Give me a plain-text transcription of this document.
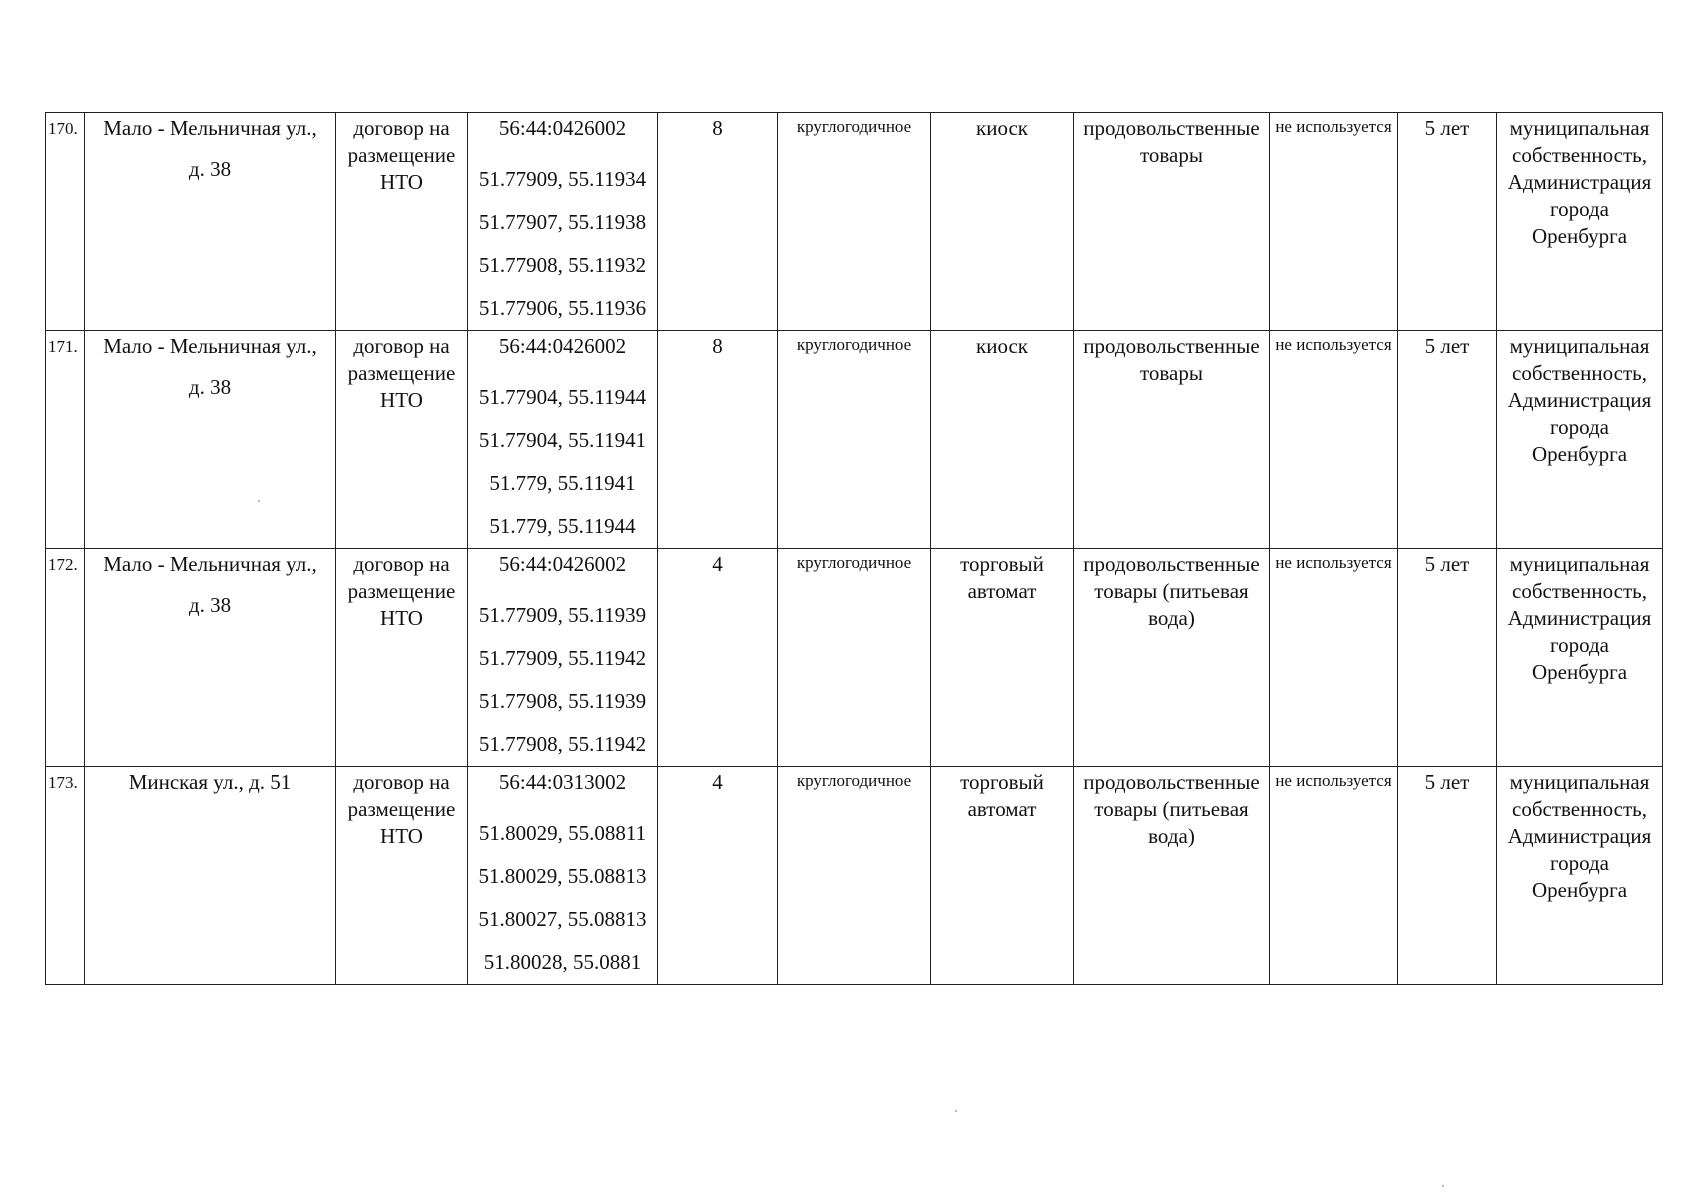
170.	Мало - Мельничная ул.,
д. 38	договор на размещение НТО	56:44:0426002
51.77909, 55.11934
51.77907, 55.11938
51.77908, 55.11932
51.77906, 55.11936	8	круглогодичное	киоск	продовольственные товары	не используется	5 лет	муниципальная собственность, Администрация города Оренбурга
171.	Мало - Мельничная ул.,
д. 38	договор на размещение НТО	56:44:0426002
51.77904, 55.11944
51.77904, 55.11941
51.779, 55.11941
51.779, 55.11944	8	круглогодичное	киоск	продовольственные товары	не используется	5 лет	муниципальная собственность, Администрация города Оренбурга
172.	Мало - Мельничная ул.,
д. 38	договор на размещение НТО	56:44:0426002
51.77909, 55.11939
51.77909, 55.11942
51.77908, 55.11939
51.77908, 55.11942	4	круглогодичное	торговый автомат	продовольственные товары (питьевая вода)	не используется	5 лет	муниципальная собственность, Администрация города Оренбурга
173.	Минская ул., д. 51	договор на размещение НТО	56:44:0313002
51.80029, 55.08811
51.80029, 55.08813
51.80027, 55.08813
51.80028, 55.0881	4	круглогодичное	торговый автомат	продовольственные товары (питьевая вода)	не используется	5 лет	муниципальная собственность, Администрация города Оренбурга
